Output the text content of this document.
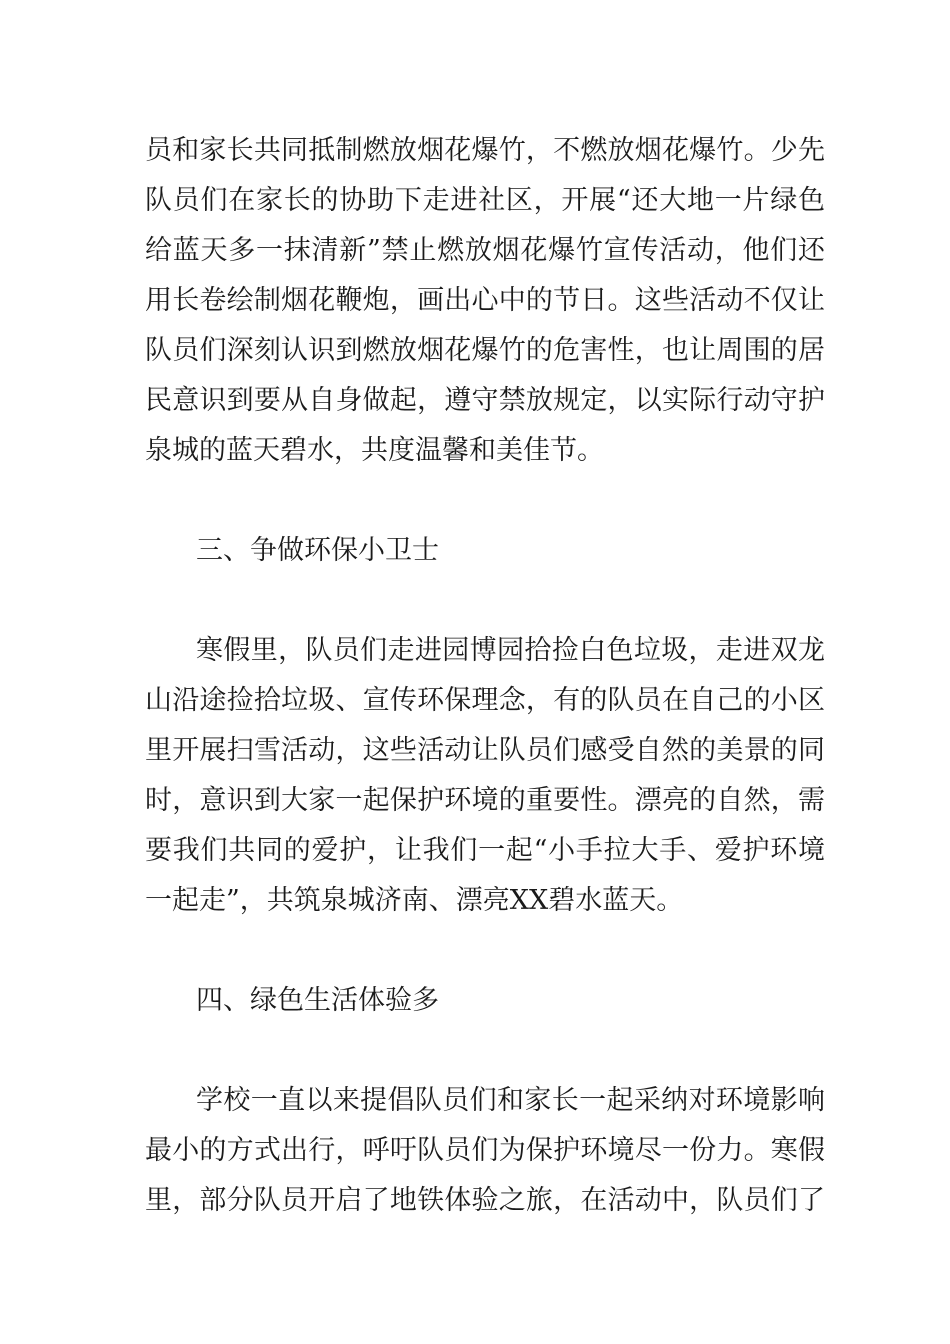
员和家长共同抵制燃放烟花爆竹，不燃放烟花爆竹。少先

队员们在家长的协助下走进社区，开展“还大地一片绿色

给蓝天多一抹清新”禁止燃放烟花爆竹宣传活动，他们还

用长卷绘制烟花鞭炮，画出心中的节日。这些活动不仅让

队员们深刻认识到燃放烟花爆竹的危害性，也让周围的居

民意识到要从自身做起，遵守禁放规定，以实际行动守护

泉城的蓝天碧水，共度温馨和美佳节。

三、争做环保小卫士

寒假里，队员们走进园博园拾捡白色垃圾，走进双龙

山沿途捡拾垃圾、宣传环保理念，有的队员在自己的小区

里开展扫雪活动，这些活动让队员们感受自然的美景的同

时，意识到大家一起保护环境的重要性。漂亮的自然，需

要我们共同的爱护，让我们一起“小手拉大手、爱护环境

一起走”，共筑泉城济南、漂亮XX碧水蓝天。

四、绿色生活体验多

学校一直以来提倡队员们和家长一起采纳对环境影响

最小的方式出行，呼吁队员们为保护环境尽一份力。寒假

里，部分队员开启了地铁体验之旅，在活动中，队员们了
